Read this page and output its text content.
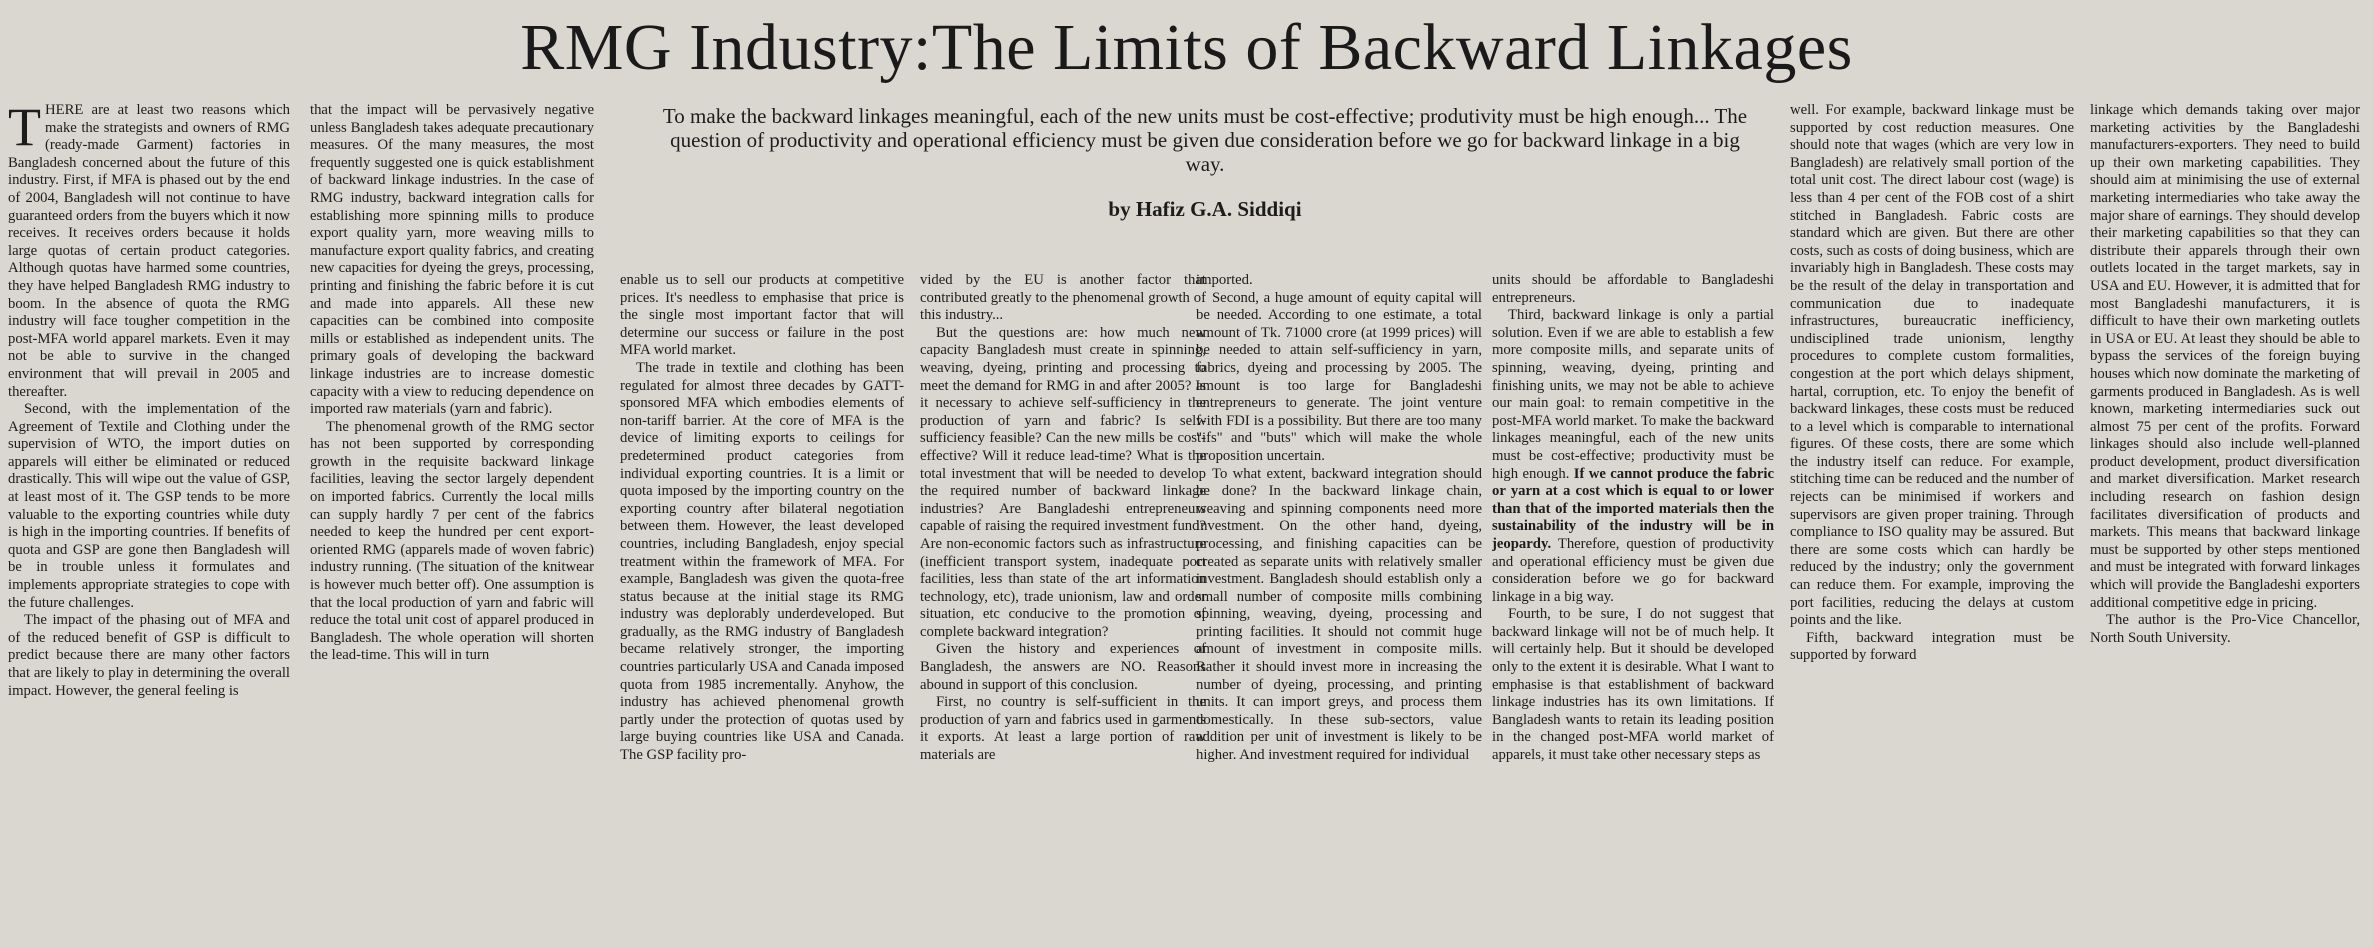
RMG Industry:The Limits of Backward Linkages

THERE are at least two reasons which make the strategists and owners of RMG (ready-made Garment) factories in Bangladesh concerned about the future of this industry. First, if MFA is phased out by the end of 2004, Bangladesh will not continue to have guaranteed orders from the buyers which it now receives. It receives orders because it holds large quotas of certain product categories. Although quotas have harmed some countries, they have helped Bangladesh RMG industry to boom. In the absence of quota the RMG industry will face tougher competition in the post-MFA world apparel markets. Even it may not be able to survive in the changed environment that will prevail in 2005 and thereafter.

Second, with the implementation of the Agreement of Textile and Clothing under the supervision of WTO, the import duties on apparels will either be eliminated or reduced drastically. This will wipe out the value of GSP, at least most of it. The GSP tends to be more valuable to the exporting countries while duty is high in the importing countries. If benefits of quota and GSP are gone then Bangladesh will be in trouble unless it formulates and implements appropriate strategies to cope with the future challenges.

The impact of the phasing out of MFA and of the reduced benefit of GSP is difficult to predict because there are many other factors that are likely to play in determining the overall impact. However, the general feeling is

that the impact will be pervasively negative unless Bangladesh takes adequate precautionary measures. Of the many measures, the most frequently suggested one is quick establishment of backward linkage industries. In the case of RMG industry, backward integration calls for establishing more spinning mills to produce export quality yarn, more weaving mills to manufacture export quality fabrics, and creating new capacities for dyeing the greys, processing, printing and finishing the fabric before it is cut and made into apparels. All these new capacities can be combined into composite mills or established as independent units. The primary goals of developing the backward linkage industries are to increase domestic capacity with a view to reducing dependence on imported raw materials (yarn and fabric).

The phenomenal growth of the RMG sector has not been supported by corresponding growth in the requisite backward linkage facilities, leaving the sector largely dependent on imported fabrics. Currently the local mills can supply hardly 7 per cent of the fabrics needed to keep the hundred per cent export-oriented RMG (apparels made of woven fabric) industry running. (The situation of the knitwear is however much better off). One assumption is that the local production of yarn and fabric will reduce the total unit cost of apparel produced in Bangladesh. The whole operation will shorten the lead-time. This will in turn

To make the backward linkages meaningful, each of the new units must be cost-effective; produtivity must be high enough... The question of productivity and operational efficiency must be given due consideration before we go for backward linkage in a big way.
by Hafiz G.A. Siddiqi

enable us to sell our products at competitive prices. It's needless to emphasise that price is the single most important factor that will determine our success or failure in the post MFA world market.

The trade in textile and clothing has been regulated for almost three decades by GATT-sponsored MFA which embodies elements of non-tariff barrier. At the core of MFA is the device of limiting exports to ceilings for predetermined product categories from individual exporting countries. It is a limit or quota imposed by the importing country on the exporting country after bilateral negotiation between them. However, the least developed countries, including Bangladesh, enjoy special treatment within the framework of MFA. For example, Bangladesh was given the quota-free status because at the initial stage its RMG industry was deplorably underdeveloped. But gradually, as the RMG industry of Bangladesh became relatively stronger, the importing countries particularly USA and Canada imposed quota from 1985 incrementally. Anyhow, the industry has achieved phenomenal growth partly under the protection of quotas used by large buying countries like USA and Canada. The GSP facility pro-

vided by the EU is another factor that contributed greatly to the phenomenal growth of this industry...

But the questions are: how much new capacity Bangladesh must create in spinning, weaving, dyeing, printing and processing to meet the demand for RMG in and after 2005? Is it necessary to achieve self-sufficiency in the production of yarn and fabric? Is self-sufficiency feasible? Can the new mills be cost-effective? Will it reduce lead-time? What is the total investment that will be needed to develop the required number of backward linkage industries? Are Bangladeshi entrepreneurs capable of raising the required investment fund? Are non-economic factors such as infrastructure (inefficient transport system, inadequate port facilities, less than state of the art information technology, etc), trade unionism, law and order situation, etc conducive to the promotion of complete backward integration?

Given the history and experiences of Bangladesh, the answers are NO. Reasons abound in support of this conclusion.

First, no country is self-sufficient in the production of yarn and fabrics used in garments it exports. At least a large portion of raw materials are

imported.

Second, a huge amount of equity capital will be needed. According to one estimate, a total amount of Tk. 71000 crore (at 1999 prices) will be needed to attain self-sufficiency in yarn, fabrics, dyeing and processing by 2005. The amount is too large for Bangladeshi entrepreneurs to generate. The joint venture with FDI is a possibility. But there are too many "ifs" and "buts" which will make the whole proposition uncertain.

To what extent, backward integration should be done? In the backward linkage chain, weaving and spinning components need more investment. On the other hand, dyeing, processing, and finishing capacities can be created as separate units with relatively smaller investment. Bangladesh should establish only a small number of composite mills combining spinning, weaving, dyeing, processing and printing facilities. It should not commit huge amount of investment in composite mills. Rather it should invest more in increasing the number of dyeing, processing, and printing units. It can import greys, and process them domestically. In these sub-sectors, value addition per unit of investment is likely to be higher. And investment required for individual

units should be affordable to Bangladeshi entrepreneurs.

Third, backward linkage is only a partial solution. Even if we are able to establish a few more composite mills, and separate units of spinning, weaving, dyeing, printing and finishing units, we may not be able to achieve our main goal: to remain competitive in the post-MFA world market. To make the backward linkages meaningful, each of the new units must be cost-effective; productivity must be high enough. If we cannot produce the fabric or yarn at a cost which is equal to or lower than that of the imported materials then the sustainability of the industry will be in jeopardy. Therefore, question of productivity and operational efficiency must be given due consideration before we go for backward linkage in a big way.

Fourth, to be sure, I do not suggest that backward linkage will not be of much help. It will certainly help. But it should be developed only to the extent it is desirable. What I want to emphasise is that establishment of backward linkage industries has its own limitations. If Bangladesh wants to retain its leading position in the changed post-MFA world market of apparels, it must take other necessary steps as

well. For example, backward linkage must be supported by cost reduction measures. One should note that wages (which are very low in Bangladesh) are relatively small portion of the total unit cost. The direct labour cost (wage) is less than 4 per cent of the FOB cost of a shirt stitched in Bangladesh. Fabric costs are standard which are given. But there are other costs, such as costs of doing business, which are invariably high in Bangladesh. These costs may be the result of the delay in transportation and communication due to inadequate infrastructures, bureaucratic inefficiency, undisciplined trade unionism, lengthy procedures to complete custom formalities, congestion at the port which delays shipment, hartal, corruption, etc. To enjoy the benefit of backward linkages, these costs must be reduced to a level which is comparable to international figures. Of these costs, there are some which the industry itself can reduce. For example, stitching time can be reduced and the number of rejects can be minimised if workers and supervisors are given proper training. Through compliance to ISO quality may be assured. But there are some costs which can hardly be reduced by the industry; only the government can reduce them. For example, improving the port facilities, reducing the delays at custom points and the like.

Fifth, backward integration must be supported by forward

linkage which demands taking over major marketing activities by the Bangladeshi manufacturers-exporters. They need to build up their own marketing capabilities. They should aim at minimising the use of external marketing intermediaries who take away the major share of earnings. They should develop their marketing capabilities so that they can distribute their apparels through their own outlets located in the target markets, say in USA and EU. However, it is admitted that for most Bangladeshi manufacturers, it is difficult to have their own marketing outlets in USA or EU. At least they should be able to bypass the services of the foreign buying houses which now dominate the marketing of garments produced in Bangladesh. As is well known, marketing intermediaries suck out almost 75 per cent of the profits. Forward linkages should also include well-planned product development, product diversification and market diversification. Market research including research on fashion design facilitates diversification of products and markets. This means that backward linkage must be supported by other steps mentioned and must be integrated with forward linkages which will provide the Bangladeshi exporters additional competitive edge in pricing.

The author is the Pro-Vice Chancellor, North South University.
